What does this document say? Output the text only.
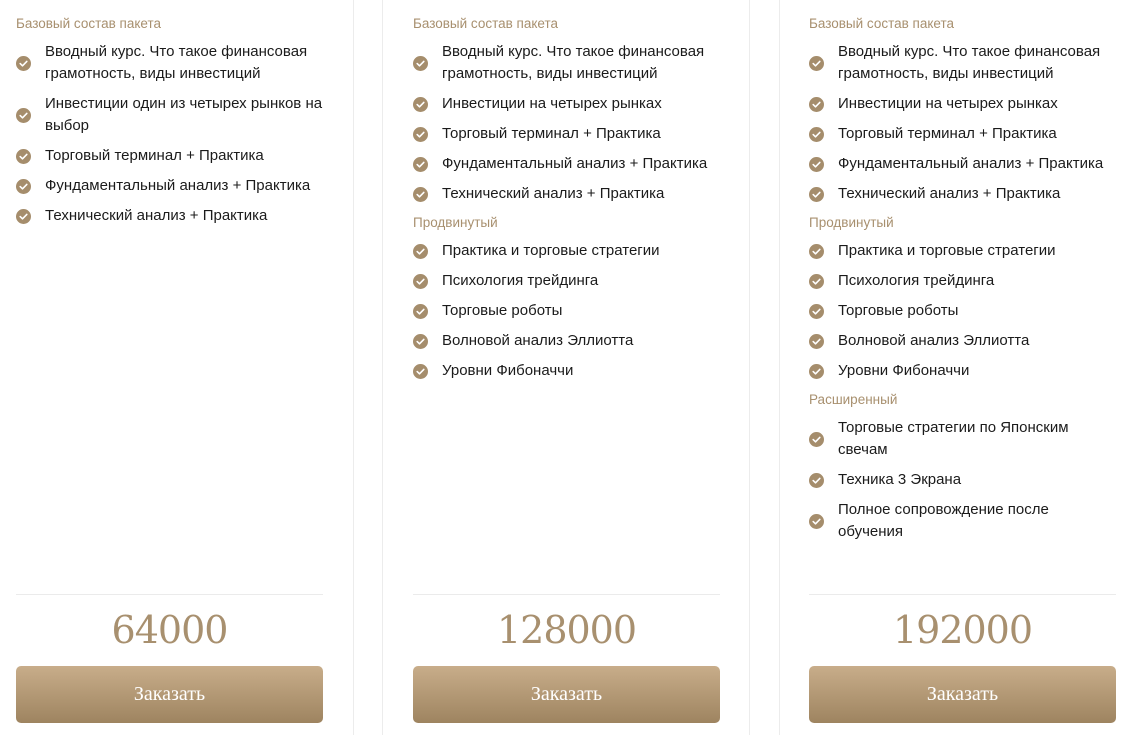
Базовый состав пакета
Вводный курс. Что такое финансовая грамотность, виды инвестиций
Инвестиции один из четырех рынков на выбор
Торговый терминал + Практика
Фундаментальный анализ + Практика
Технический анализ + Практика
64000
Заказать
Базовый состав пакета
Вводный курс. Что такое финансовая грамотность, виды инвестиций
Инвестиции на четырех рынках
Торговый терминал + Практика
Фундаментальный анализ + Практика
Технический анализ + Практика
Продвинутый
Практика и торговые стратегии
Психология трейдинга
Торговые роботы
Волновой анализ Эллиотта
Уровни Фибоначчи
128000
Заказать
Базовый состав пакета
Вводный курс. Что такое финансовая грамотность, виды инвестиций
Инвестиции на четырех рынках
Торговый терминал + Практика
Фундаментальный анализ + Практика
Технический анализ + Практика
Продвинутый
Практика и торговые стратегии
Психология трейдинга
Торговые роботы
Волновой анализ Эллиотта
Уровни Фибоначчи
Расширенный
Торговые стратегии по Японским свечам
Техника 3 Экрана
Полное сопровождение после обучения
192000
Заказать
